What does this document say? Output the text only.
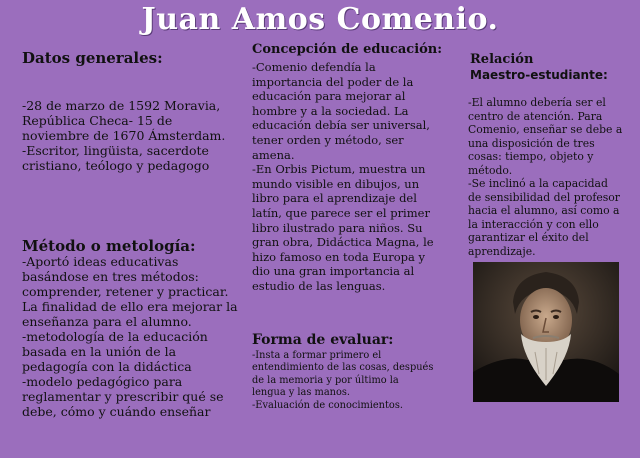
Juan Amos Comenio.
Datos generales:
-28 de marzo de 1592 Moravia,
República Checa- 15 de
noviembre de 1670 Ámsterdam.
-Escritor, lingüista, sacerdote
cristiano, teólogo y pedagogo
Método o metología:
-Aportó ideas educativas
basándose en tres métodos:
comprender, retener y practicar.
La finalidad de ello era mejorar la
enseñanza para el alumno.
-metodología de la educación
basada en la unión de la
pedagogía con la didáctica
-modelo pedagógico para
reglamentar y prescribir qué se
debe, cómo y cuándo enseñar
Concepción de educación:
-Comenio defendía la
importancia del poder de la
educación para mejorar al
hombre y a la sociedad. La
educación debía ser universal,
tener orden y método, ser
amena.
-En Orbis Pictum, muestra un
mundo visible en dibujos, un
libro para el aprendizaje del
latín, que parece ser el primer
libro ilustrado para niños. Su
gran obra, Didáctica Magna, le
hizo famoso en toda Europa y
dio una gran importancia al
estudio de las lenguas.
Forma de evaluar:
-Insta a formar primero el
entendimiento de las cosas, después
de la memoria y por último la
lengua y las manos.
-Evaluación de conocimientos.
Relación
Maestro-estudiante:
-El alumno debería ser el
centro de atención. Para
Comenio, enseñar se debe a
una disposición de tres
cosas: tiempo, objeto y
método.
-Se inclinó a la capacidad
de sensibilidad del profesor
hacia el alumno, así como a
la interacción y con ello
garantizar el éxito del
aprendizaje.
